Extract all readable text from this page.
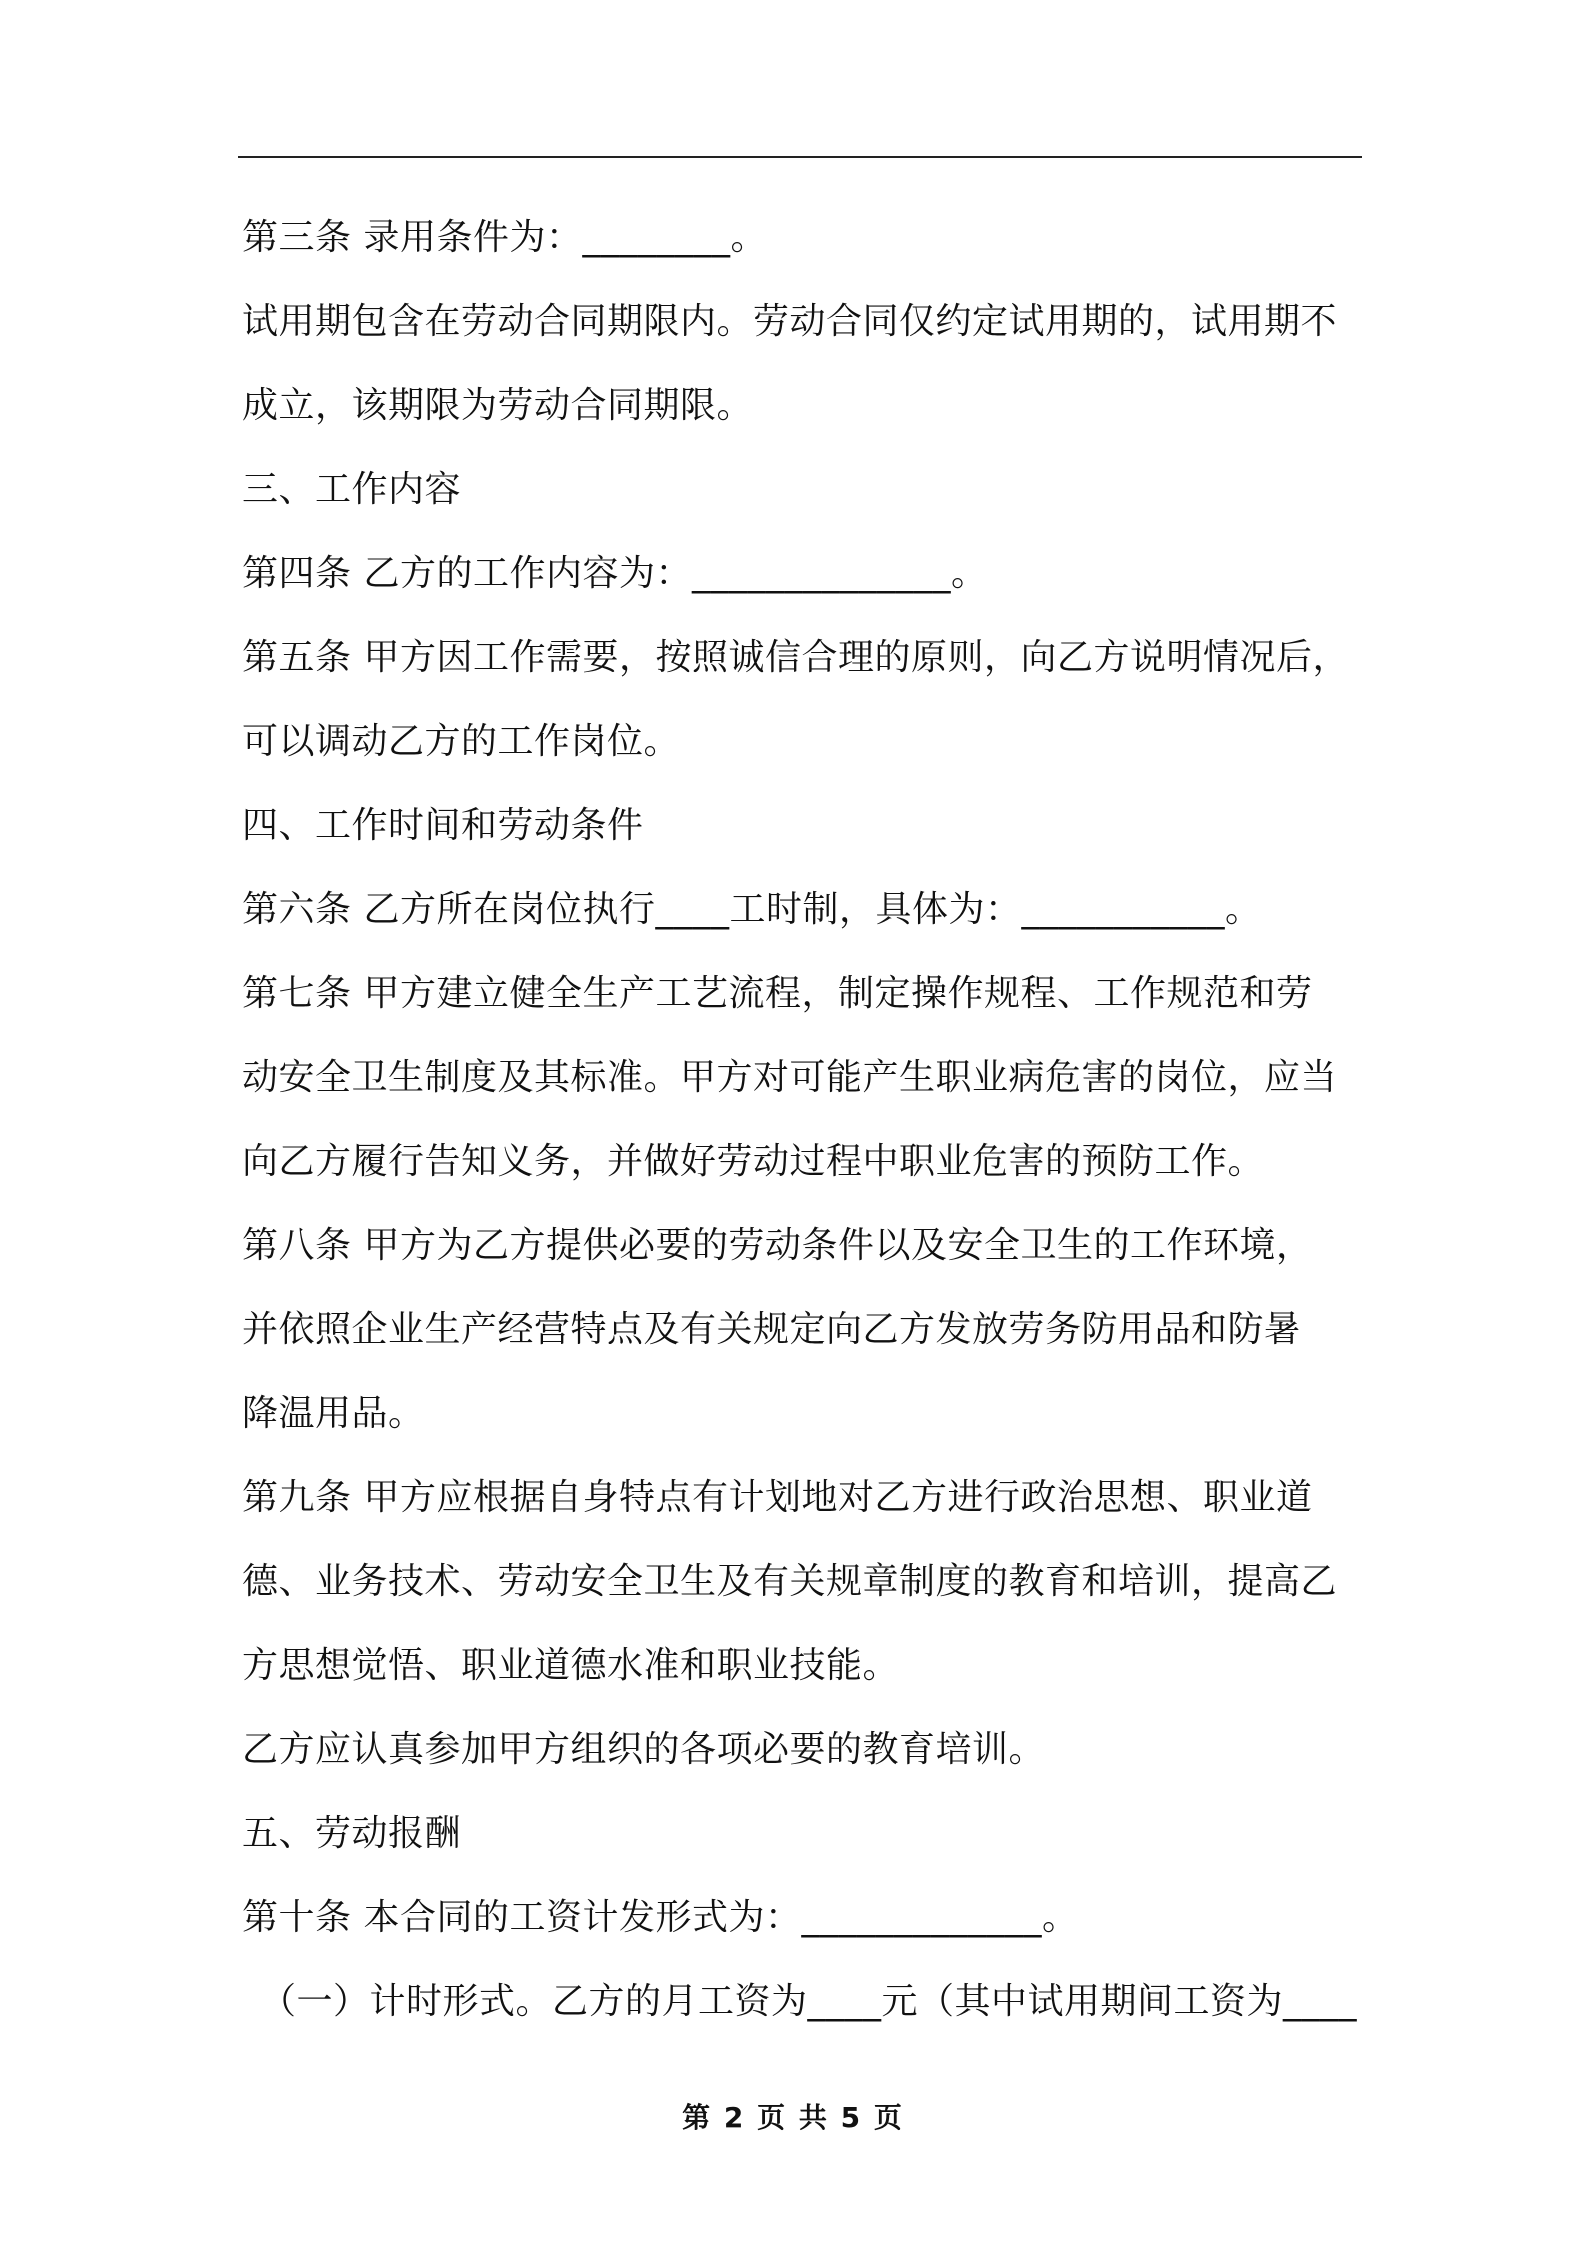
第三条 录用条件为：________。
试用期包含在劳动合同期限内。劳动合同仅约定试用期的，试用期不
成立，该期限为劳动合同期限。
三、工作内容
第四条 乙方的工作内容为：______________。
第五条 甲方因工作需要，按照诚信合理的原则，向乙方说明情况后，
可以调动乙方的工作岗位。
四、工作时间和劳动条件
第六条 乙方所在岗位执行____工时制，具体为：___________。
第七条 甲方建立健全生产工艺流程，制定操作规程、工作规范和劳
动安全卫生制度及其标准。甲方对可能产生职业病危害的岗位，应当
向乙方履行告知义务，并做好劳动过程中职业危害的预防工作。
第八条 甲方为乙方提供必要的劳动条件以及安全卫生的工作环境，
并依照企业生产经营特点及有关规定向乙方发放劳务防用品和防暑
降温用品。
第九条 甲方应根据自身特点有计划地对乙方进行政治思想、职业道
德、业务技术、劳动安全卫生及有关规章制度的教育和培训，提高乙
方思想觉悟、职业道德水准和职业技能。
乙方应认真参加甲方组织的各项必要的教育培训。
五、劳动报酬
第十条 本合同的工资计发形式为：_____________。
（一）计时形式。乙方的月工资为____元（其中试用期间工资为____
第 2 页 共 5 页
